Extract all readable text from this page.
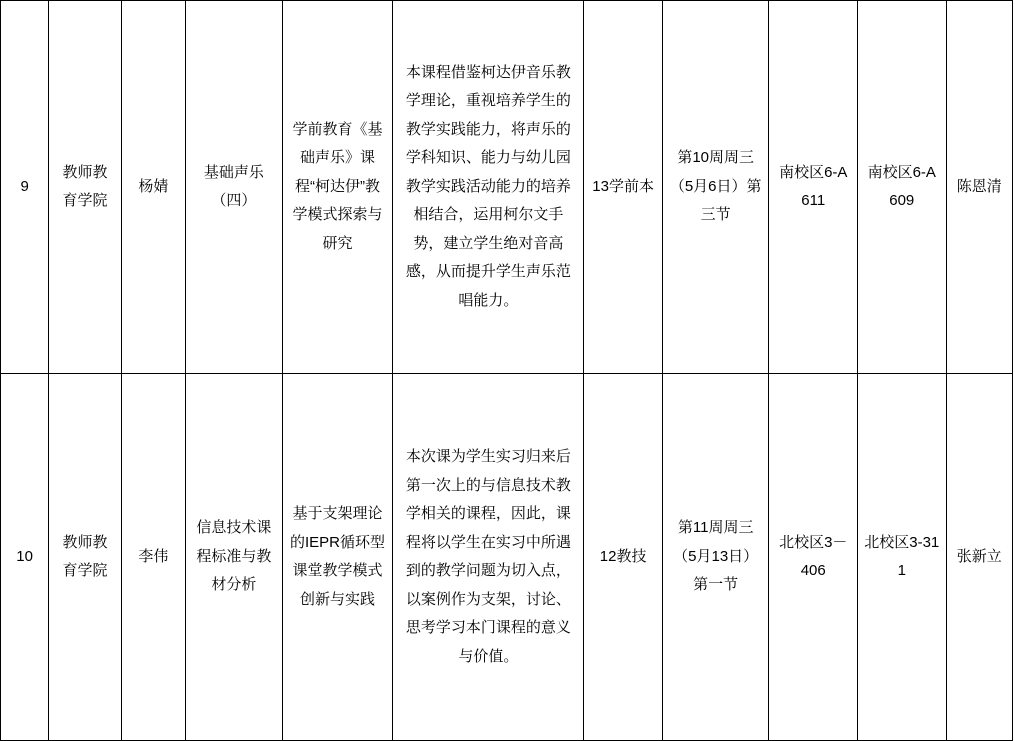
9	教师教育学院	杨婧	基础声乐（四）	学前教育《基础声乐》课程“柯达伊”教学模式探索与研究	本课程借鉴柯达伊音乐教学理论，重视培养学生的教学实践能力，将声乐的学科知识、能力与幼儿园教学实践活动能力的培养相结合，运用柯尔文手势，建立学生绝对音高感，从而提升学生声乐范唱能力。	13学前本	第10周周三（5月6日）第三节	南校区6-A611	南校区6-A609	陈恩清
10	教师教育学院	李伟	信息技术课程标准与教材分析	基于支架理论的IEPR循环型课堂教学模式创新与实践	本次课为学生实习归来后第一次上的与信息技术教学相关的课程，因此，课程将以学生在实习中所遇到的教学问题为切入点，以案例作为支架，讨论、思考学习本门课程的意义与价值。	12教技	第11周周三（5月13日）第一节	北校区3－406	北校区3-311	张新立
